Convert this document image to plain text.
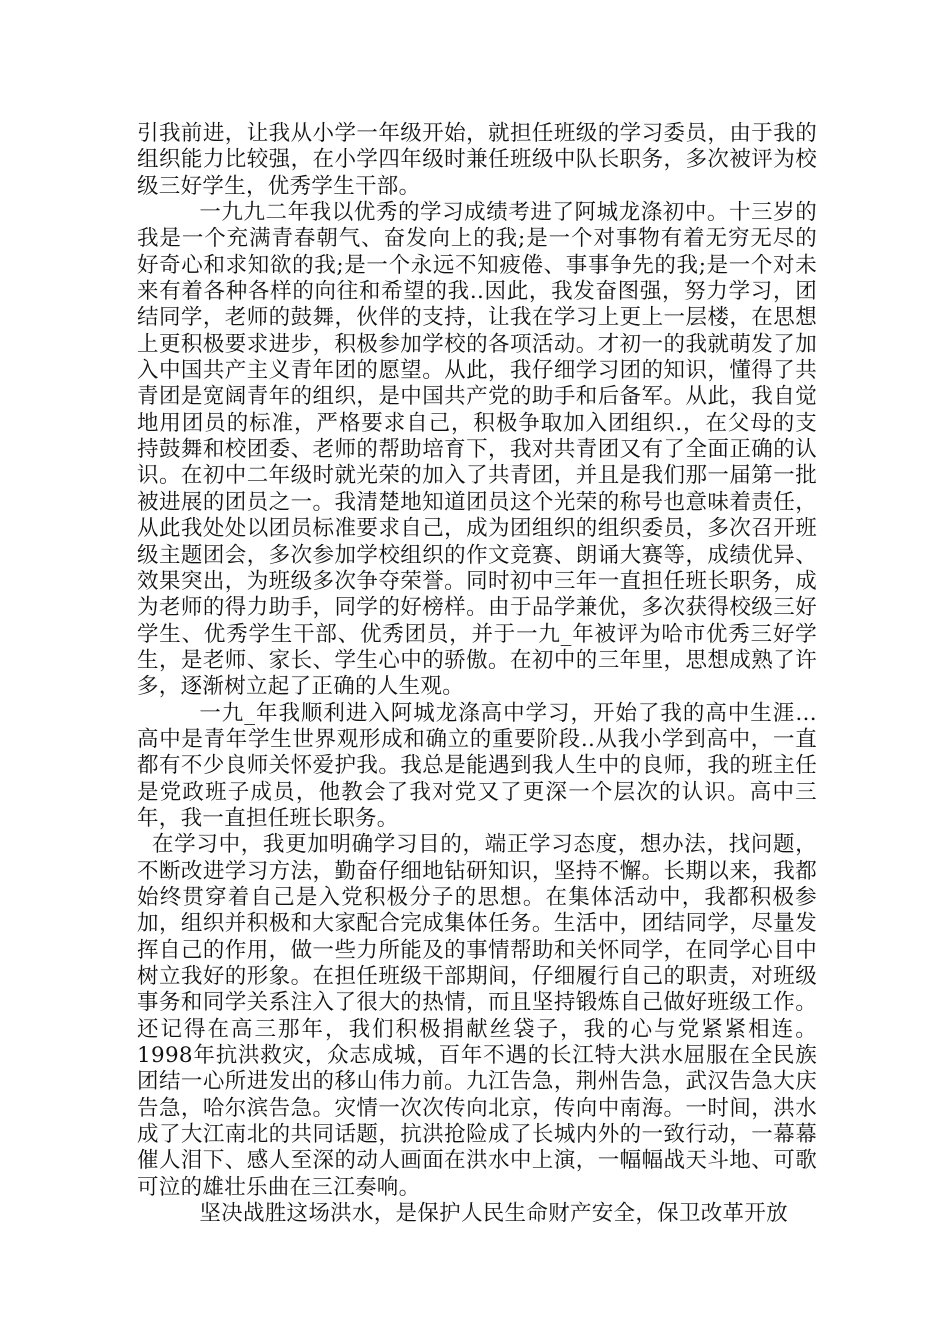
引我前进，让我从小学一年级开始，就担任班级的学习委员，由于我的组织能力比较强，在小学四年级时兼任班级中队长职务，多次被评为校级三好学生，优秀学生干部。

一九九二年我以优秀的学习成绩考进了阿城龙涤初中。十三岁的我是一个充满青春朝气、奋发向上的我;是一个对事物有着无穷无尽的好奇心和求知欲的我;是一个永远不知疲倦、事事争先的我;是一个对未来有着各种各样的向往和希望的我..因此，我发奋图强，努力学习，团结同学，老师的鼓舞，伙伴的支持，让我在学习上更上一层楼，在思想上更积极要求进步，积极参加学校的各项活动。才初一的我就萌发了加入中国共产主义青年团的愿望。从此，我仔细学习团的知识，懂得了共青团是宽阔青年的组织，是中国共产党的助手和后备军。从此，我自觉地用团员的标准，严格要求自己，积极争取加入团组织.，在父母的支持鼓舞和校团委、老师的帮助培育下，我对共青团又有了全面正确的认识。在初中二年级时就光荣的加入了共青团，并且是我们那一届第一批被进展的团员之一。我清楚地知道团员这个光荣的称号也意味着责任，从此我处处以团员标准要求自己，成为团组织的组织委员，多次召开班级主题团会，多次参加学校组织的作文竞赛、朗诵大赛等，成绩优异、效果突出，为班级多次争夺荣誉。同时初中三年一直担任班长职务，成为老师的得力助手，同学的好榜样。由于品学兼优，多次获得校级三好学生、优秀学生干部、优秀团员，并于一九_年被评为哈市优秀三好学生，是老师、家长、学生心中的骄傲。在初中的三年里，思想成熟了许多，逐渐树立起了正确的人生观。

一九_年我顺利进入阿城龙涤高中学习，开始了我的高中生涯…高中是青年学生世界观形成和确立的重要阶段..从我小学到高中，一直都有不少良师关怀爱护我。我总是能遇到我人生中的良师，我的班主任是党政班子成员，他教会了我对党又了更深一个层次的认识。高中三年，我一直担任班长职务。

在学习中，我更加明确学习目的，端正学习态度，想办法，找问题，不断改进学习方法，勤奋仔细地钻研知识，坚持不懈。长期以来，我都始终贯穿着自己是入党积极分子的思想。在集体活动中，我都积极参加，组织并积极和大家配合完成集体任务。生活中，团结同学，尽量发挥自己的作用，做一些力所能及的事情帮助和关怀同学，在同学心目中树立我好的形象。在担任班级干部期间，仔细履行自己的职责，对班级事务和同学关系注入了很大的热情，而且坚持锻炼自己做好班级工作。还记得在高三那年，我们积极捐献丝袋子，我的心与党紧紧相连。1998年抗洪救灾，众志成城，百年不遇的长江特大洪水屈服在全民族团结一心所进发出的移山伟力前。九江告急，荆州告急，武汉告急大庆告急，哈尔滨告急。灾情一次次传向北京，传向中南海。一时间，洪水成了大江南北的共同话题，抗洪抢险成了长城内外的一致行动，一幕幕催人泪下、感人至深的动人画面在洪水中上演，一幅幅战天斗地、可歌可泣的雄壮乐曲在三江奏响。

坚决战胜这场洪水，是保护人民生命财产安全，保卫改革开放
